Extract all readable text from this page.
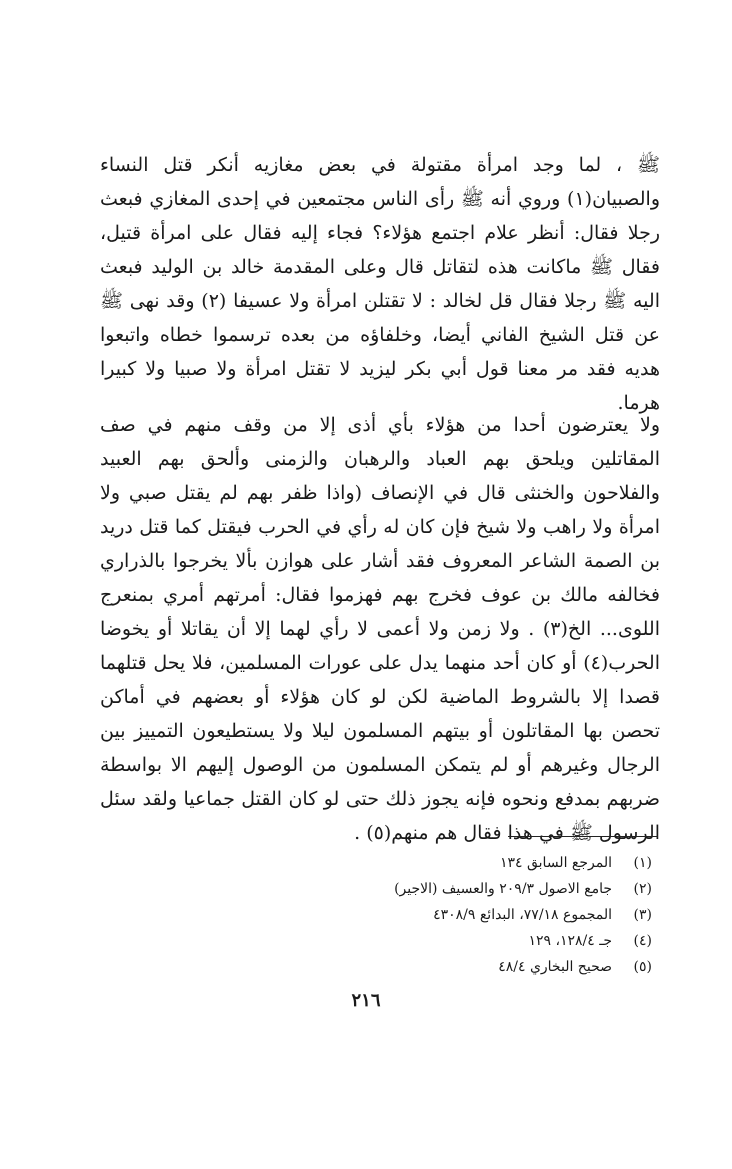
ﷺ ، لما وجد امرأة مقتولة في بعض مغازيه أنكر قتل النساء والصبيان(١) وروي أنه ﷺ رأى الناس مجتمعين في إحدى المغازي فبعث رجلا فقال: أنظر علام اجتمع هؤلاء؟ فجاء إليه فقال على امرأة قتيل، فقال ﷺ ماكانت هذه لتقاتل قال وعلى المقدمة خالد بن الوليد فبعث اليه ﷺ رجلا فقال قل لخالد : لا تقتلن امرأة ولا عسيفا (٢) وقد نهى ﷺ عن قتل الشيخ الفاني أيضا، وخلفاؤه من بعده ترسموا خطاه واتبعوا هديه فقد مر معنا قول أبي بكر ليزيد لا تقتل امرأة ولا صبيا ولا كبيرا هرما.

ولا يعترضون أحدا من هؤلاء بأي أذى إلا من وقف منهم في صف المقاتلين ويلحق بهم العباد والرهبان والزمنى وألحق بهم العبيد والفلاحون والخنثى قال في الإنصاف (واذا ظفر بهم لم يقتل صبي ولا امرأة ولا راهب ولا شيخ فإن كان له رأي في الحرب فيقتل كما قتل دريد بن الصمة الشاعر المعروف فقد أشار على هوازن بألا يخرجوا بالذراري فخالفه مالك بن عوف فخرج بهم فهزموا فقال: أمرتهم أمري بمنعرج اللوى... الخ(٣) . ولا زمن ولا أعمى لا رأي لهما إلا أن يقاتلا أو يخوضا الحرب(٤) أو كان أحد منهما يدل على عورات المسلمين، فلا يحل قتلهما قصدا إلا بالشروط الماضية لكن لو كان هؤلاء أو بعضهم في أماكن تحصن بها المقاتلون أو بيتهم المسلمون ليلا ولا يستطيعون التمييز بين الرجال وغيرهم أو لم يتمكن المسلمون من الوصول إليهم الا بواسطة ضربهم بمدفع ونحوه فإنه يجوز ذلك حتى لو كان القتل جماعيا ولقد سئل الرسول ﷺ في هذا فقال هم منهم(٥) .

(١)
المرجع السابق ١٣٤
(٢)
جامع الاصول ٢٠٩/٣ والعسيف (الاجير)
(٣)
المجموع ٧٧/١٨، البدائع ٤٣٠٨/٩
(٤)
جـ ١٢٨/٤، ١٢٩
(٥)
صحيح البخاري ٤٨/٤
٢١٦
